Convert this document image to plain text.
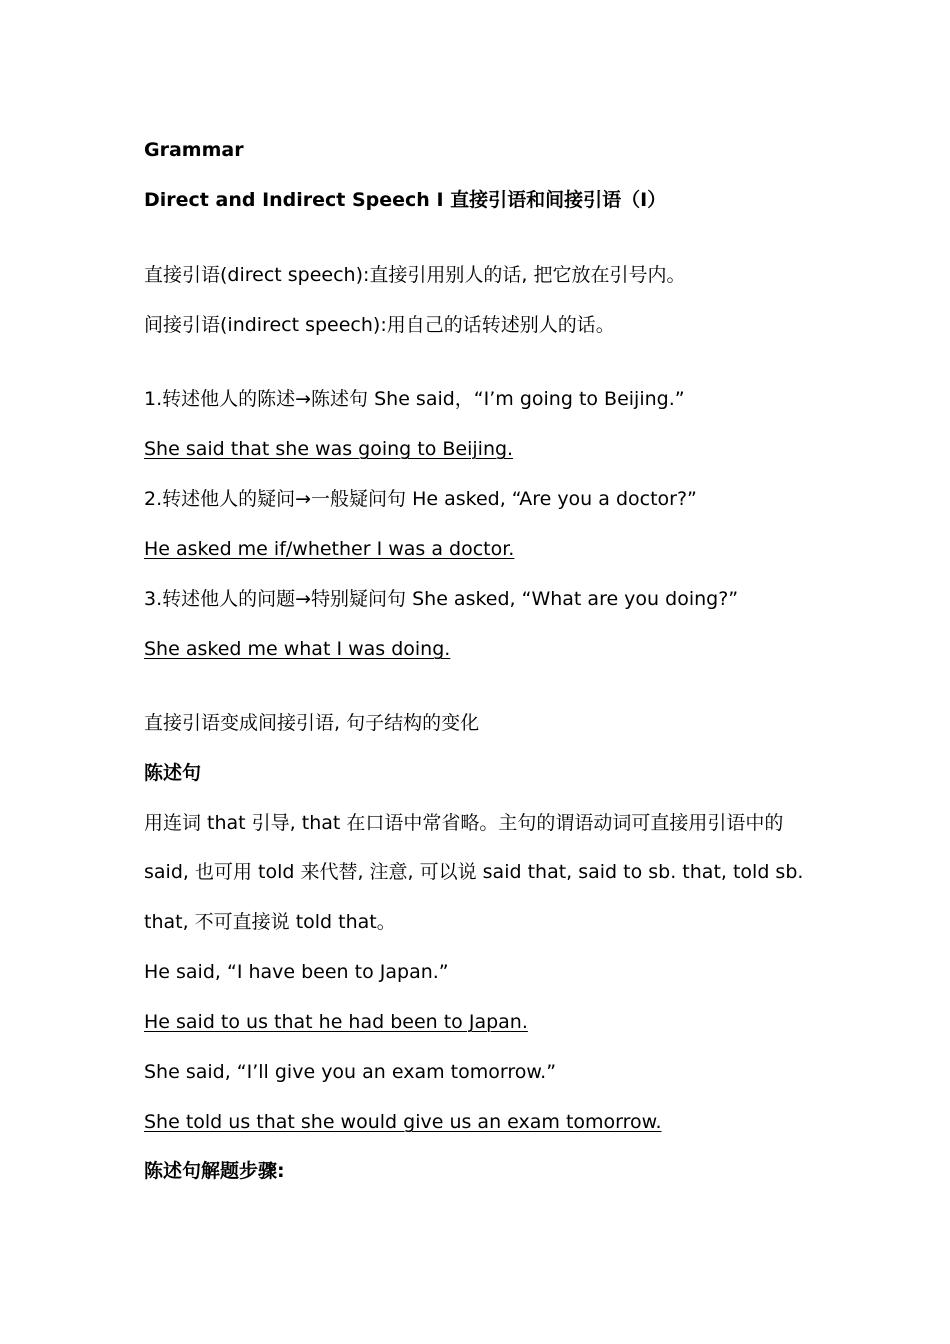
Grammar
Direct and Indirect Speech Ⅰ 直接引语和间接引语（Ⅰ）
直接引语(direct speech):直接引用别人的话, 把它放在引号内。
间接引语(indirect speech):用自己的话转述别人的话。
1.转述他人的陈述→陈述句 She said，“I’m going to Beijing.”
She said that she was going to Beijing.
2.转述他人的疑问→一般疑问句 He asked, “Are you a doctor?”
He asked me if/whether I was a doctor.
3.转述他人的问题→特别疑问句 She asked, “What are you doing?”
She asked me what I was doing.
直接引语变成间接引语, 句子结构的变化
陈述句
用连词 that 引导, that 在口语中常省略。主句的谓语动词可直接用引语中的
said, 也可用 told 来代替, 注意, 可以说 said that, said to sb. that, told sb.
that, 不可直接说 told that。
He said, “I have been to Japan.”
He said to us that he had been to Japan.
She said, “I’ll give you an exam tomorrow.”
She told us that she would give us an exam tomorrow.
陈述句解题步骤:
